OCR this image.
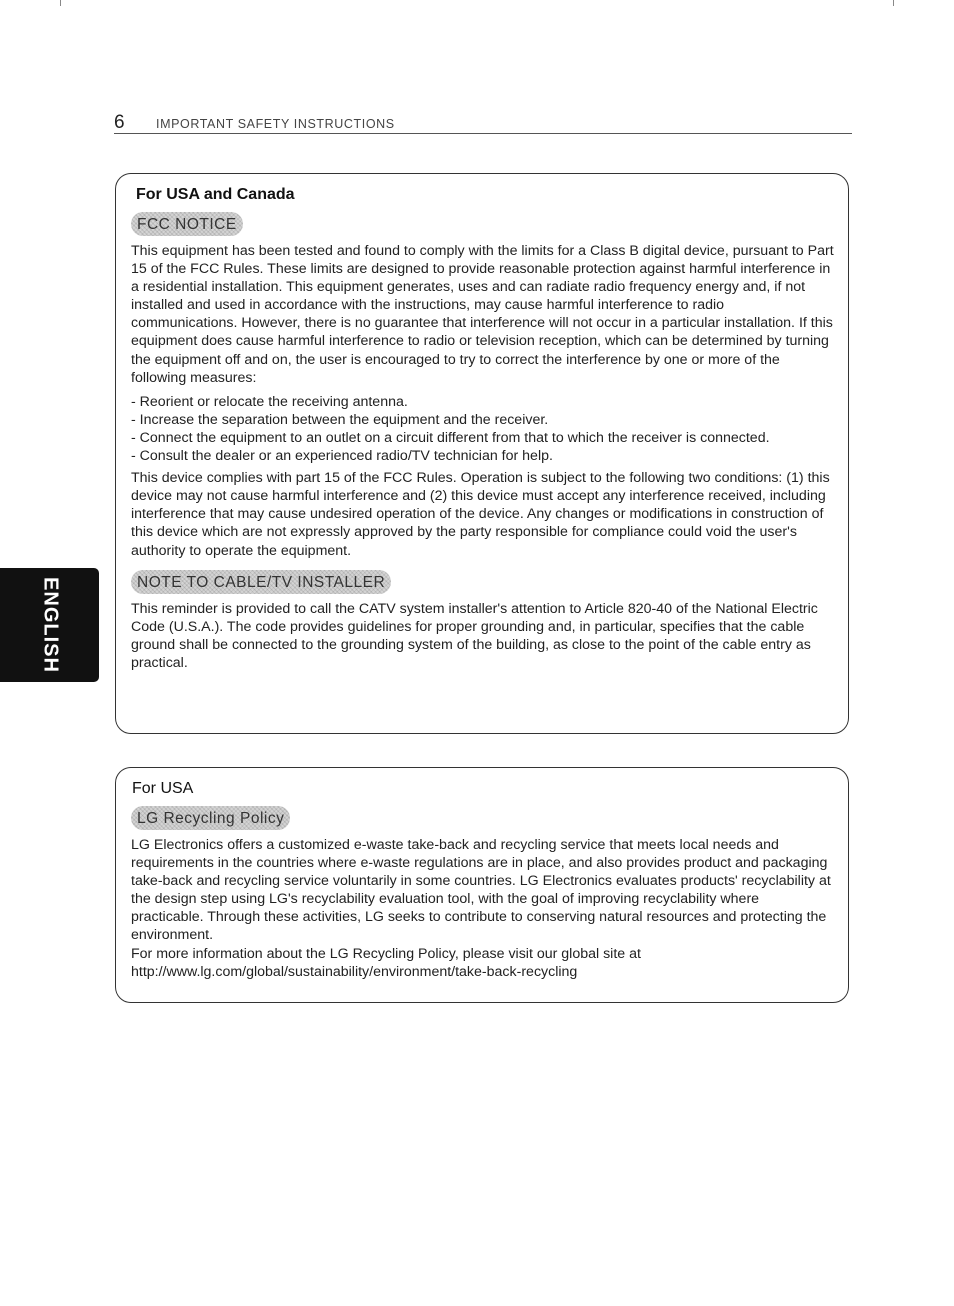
6	IMPORTANT SAFETY INSTRUCTIONS
ENGLISH
For USA and Canada
FCC NOTICE

This equipment has been tested and found to comply with the limits for a Class B digital device, pursuant to Part 15 of the FCC Rules. These limits are designed to provide reasonable protection against harmful interference in a residential installation. This equipment generates, uses and can radiate radio frequency energy and, if not installed and used in accordance with the instructions, may cause harmful interference to radio communications. However, there is no guarantee that interference will not occur in a particular installation. If this equipment does cause harmful interference to radio or television reception, which can be determined by turning the equipment off and on, the user is encouraged to try to correct the interference by one or more of the following measures:

- Reorient or relocate the receiving antenna.

- Increase the separation between the equipment and the receiver.

- Connect the equipment to an outlet on a circuit different from that to which the receiver is connected.

- Consult the dealer or an experienced radio/TV technician for help.

This device complies with part 15 of the FCC Rules. Operation is subject to the following two conditions: (1) this device may not cause harmful interference and (2) this device must accept any interference received, including interference that may cause undesired operation of the device. Any changes or modifications in construction of this device which are not expressly approved by the party responsible for compliance could void the user's authority to operate the equipment.

NOTE TO CABLE/TV INSTALLER

This reminder is provided to call the CATV system installer's attention to Article 820-40 of the National Electric Code (U.S.A.). The code provides guidelines for proper grounding and, in particular, specifies that the cable ground shall be connected to the grounding system of the building, as close to the point of the cable entry as practical.

For USA
LG Recycling Policy

LG Electronics offers a customized e-waste take-back and recycling service that meets local needs and requirements in the countries where e-waste regulations are in place, and also provides product and packaging take-back and recycling service voluntarily in some countries. LG Electronics evaluates products' recyclability at the design step using LG's recyclability evaluation tool, with the goal of improving recyclability where practicable. Through these activities, LG seeks to contribute to conserving natural resources and protecting the environment.

For more information about the LG Recycling Policy, please visit our global site at

http://www.lg.com/global/sustainability/environment/take-back-recycling
